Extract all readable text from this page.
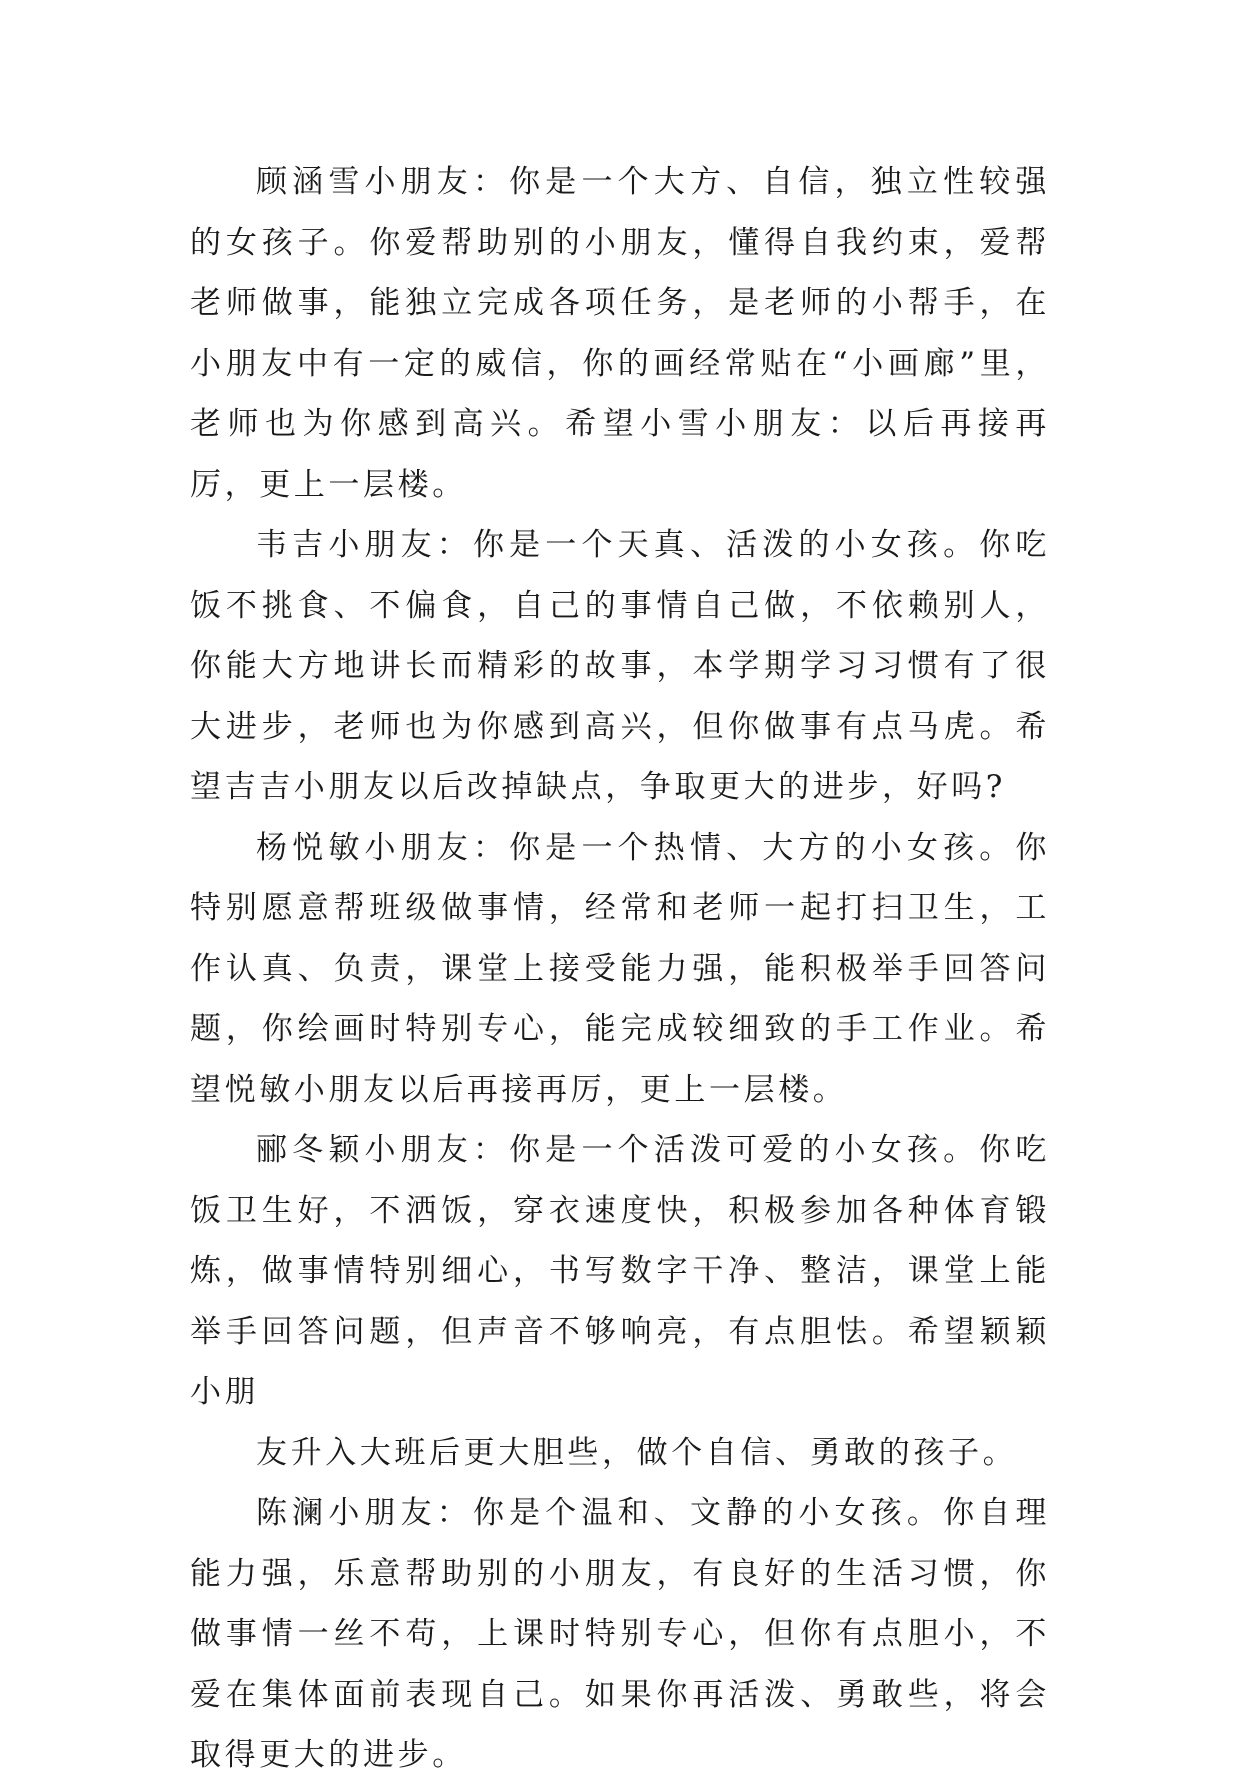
顾涵雪小朋友：你是一个大方、自信，独立性较强的女孩子。你爱帮助别的小朋友，懂得自我约束，爱帮老师做事，能独立完成各项任务，是老师的小帮手，在小朋友中有一定的威信，你的画经常贴在“小画廊”里，老师也为你感到高兴。希望小雪小朋友：以后再接再厉，更上一层楼。

韦吉小朋友：你是一个天真、活泼的小女孩。你吃饭不挑食、不偏食，自己的事情自己做，不依赖别人，你能大方地讲长而精彩的故事，本学期学习习惯有了很大进步，老师也为你感到高兴，但你做事有点马虎。希望吉吉小朋友以后改掉缺点，争取更大的进步，好吗?

杨悦敏小朋友：你是一个热情、大方的小女孩。你特别愿意帮班级做事情，经常和老师一起打扫卫生，工作认真、负责，课堂上接受能力强，能积极举手回答问题，你绘画时特别专心，能完成较细致的手工作业。希望悦敏小朋友以后再接再厉，更上一层楼。

郦冬颖小朋友：你是一个活泼可爱的小女孩。你吃饭卫生好，不洒饭，穿衣速度快，积极参加各种体育锻炼，做事情特别细心，书写数字干净、整洁，课堂上能举手回答问题，但声音不够响亮，有点胆怯。希望颖颖小朋

友升入大班后更大胆些，做个自信、勇敢的孩子。

陈澜小朋友：你是个温和、文静的小女孩。你自理能力强，乐意帮助别的小朋友，有良好的生活习惯，你做事情一丝不苟，上课时特别专心，但你有点胆小，不爱在集体面前表现自己。如果你再活泼、勇敢些，将会取得更大的进步。
